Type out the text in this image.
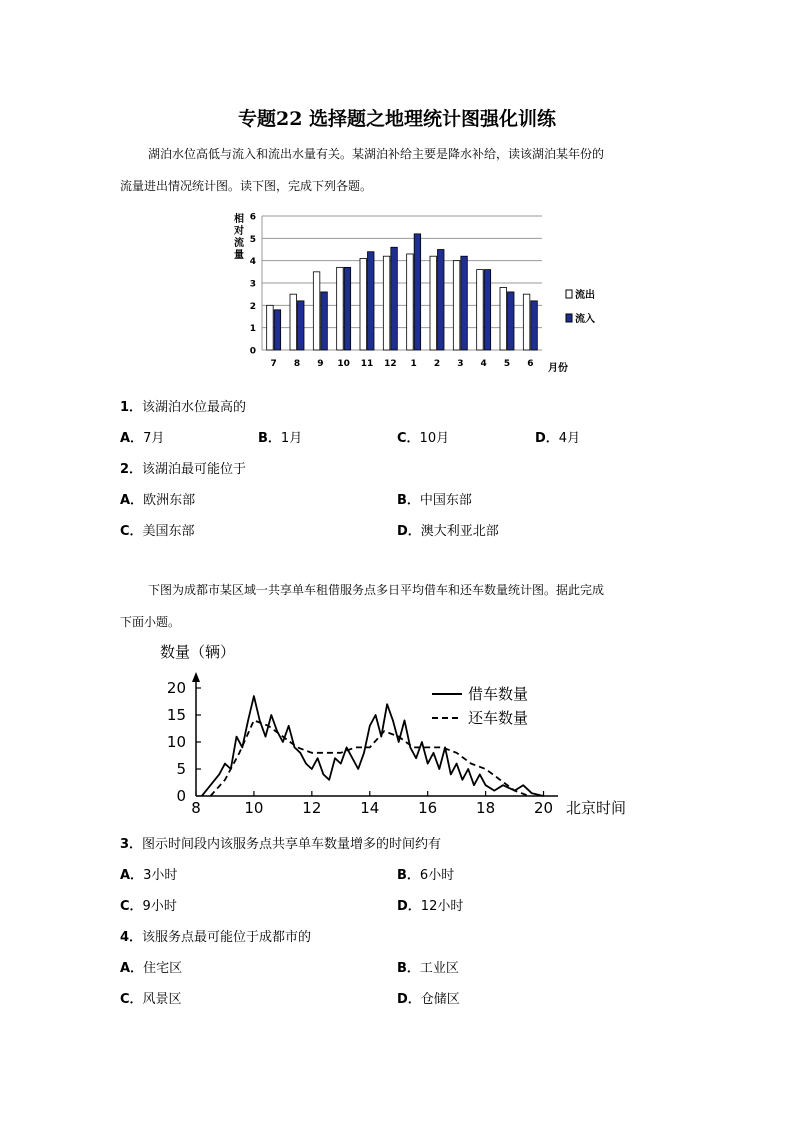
专题22 选择题之地理统计图强化训练
湖泊水位高低与流入和流出水量有关。某湖泊补给主要是降水补给，读该湖泊某年份的
流量进出情况统计图。读下图，完成下列各题。
相
对
流
量
0
1
2
3
4
5
6
7 8 9 10 11 12 1 2 3 4 5 6 月份
流出
流入
1．该湖泊水位最高的
A．7月	B．1月	C．10月	D．4月
2．该湖泊最可能位于
A．欧洲东部	B．中国东部
C．美国东部	D．澳大利亚北部
下图为成都市某区域一共享单车租借服务点多日平均借车和还车数量统计图。据此完成
下面小题。
数量（辆）
0
5
10
15
20
8	10	12	14	16	18	20 北京时间
借车数量
还车数量
3．图示时间段内该服务点共享单车数量增多的时间约有
A．3小时	B．6小时
C．9小时	D．12小时
4．该服务点最可能位于成都市的
A．住宅区	B．工业区
C．风景区	D．仓储区
